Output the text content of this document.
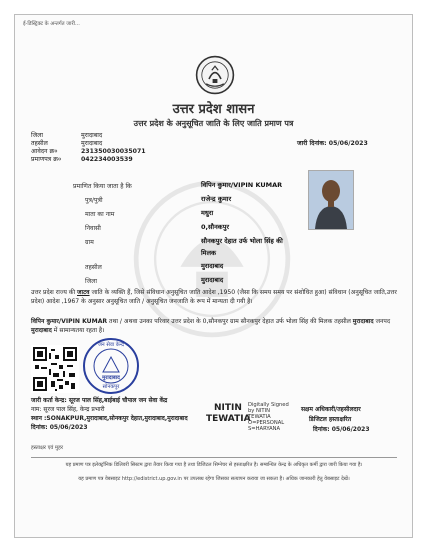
ई-डिस्ट्रिक्ट के अन्तर्गत जारी...
उत्तर प्रदेश शासन
उत्तर प्रदेश के अनुसूचित जाति के लिए जाति प्रमाण पत्र
जिला	मुरादाबाद
तहसील	मुरादाबाद
आवेदन क्र०	231350030035071
प्रमाणपत्र क्र०	042234003539
जारी दिनांक: 05/06/2023
प्रमाणित किया जाता है कि	विपिन कुमार/VIPIN KUMAR
पुत्र/पुत्री	राजेन्द्र कुमार
माता का नाम	मधुरा
निवासी	0,सौनकपुर
ग्राम	सौनकपुर देहात उर्फ भोला सिंह की
मिलक
तहसील	मुरादाबाद
जिला	मुरादाबाद
उत्तर प्रदेश राज्य की जाटव जाति के व्यक्ति हैं, जिसे संविधान अनुसूचित जाति आदेश ,1950 (जैसा कि समय समय पर संशोधित हुआ) संविधान (अनुसूचित जाति,उत्तर प्रदेश) आदेश ,1967 के अनुसार अनुसूचित जाति / अनुसूचित जनजाति के रूप में मान्यता दी गयी है।
विपिन कुमार/VIPIN KUMAR तथा / अथवा उनका परिवार उत्तर प्रदेश के 0,सौनकपुर ग्राम सौनकपुर देहात उर्फ भोला सिंह की मिलक तहसील मुरादाबाद जनपद मुरादाबाद में सामान्यतया रहता है।
जन सेवा केन्द्र
मुरादाबाद
सोनकपुर
जारी कर्ता केन्द्र: सूरज पाल सिंह,बाईबाई चौपाल जन सेवा केंद्र
नाम: सूरज पाल सिंह, केन्द्र प्रभारी
स्थान :SONAKPUR,मुरादाबाद,सोनकपुर देहात,मुरादाबाद,मुरादाबाद
दिनांक: 05/06/2023
NITIN
TEWATIA
Digitally Signed by NITIN TEWATIA O=PERSONAL S=HARYANA
सक्षम अधिकारी/तहसीलदार
डिजिटल हस्ताक्षरित
दिनांक: 05/06/2023
हस्ताक्षर एवं मुहर
यह प्रमाण पत्र इलेक्ट्रॉनिक डिलिवरी सिस्टम द्वारा तैयार किया गया है तथा डिजिटल सिग्नेचर से हस्ताक्षरित है। सम्बन्धित केन्द्र के अधिकृत कर्मी द्वारा जारी किया गया है।
यह प्रमाण पत्र वेबसाइट http://edistrict.up.gov.in पर उपलब्ध रहेगा जिसका सत्यापन कराया जा सकता है। अधिक जानकारी हेतु वेबसाइट देखें।
